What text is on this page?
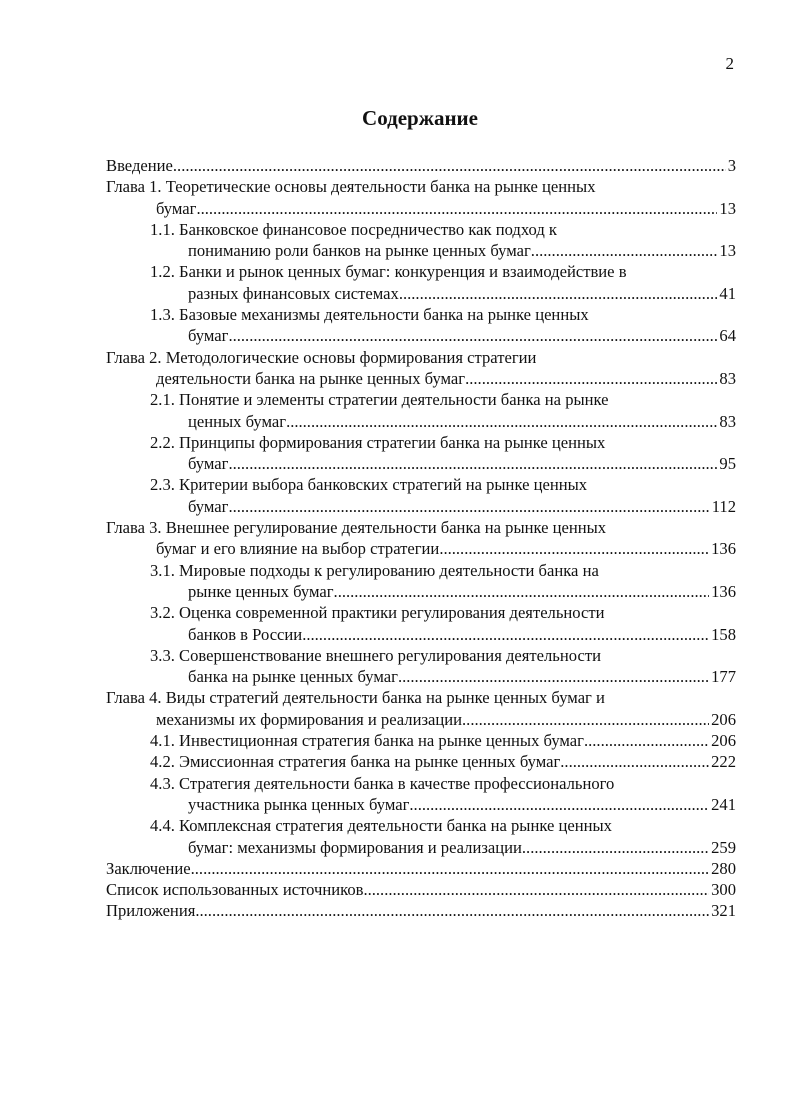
2
Содержание
Введение .....	3
Глава 1. Теоретические основы деятельности банка на рынке ценных
бумаг .....	13
1.1. Банковское финансовое посредничество как подход к
пониманию роли банков на рынке ценных бумаг .....	13
1.2. Банки и рынок ценных бумаг: конкуренция и взаимодействие в
разных финансовых системах .....	41
1.3. Базовые механизмы деятельности банка на рынке ценных
бумаг .....	64
Глава 2. Методологические основы формирования стратегии
деятельности банка на рынке ценных бумаг .....	83
2.1. Понятие и элементы стратегии деятельности банка на рынке
ценных бумаг .....	83
2.2. Принципы формирования стратегии банка на рынке ценных
бумаг .....	95
2.3. Критерии выбора банковских стратегий на рынке ценных
бумаг .....	112
Глава 3. Внешнее регулирование деятельности банка на рынке ценных
бумаг и его влияние на выбор стратегии .....	136
3.1. Мировые подходы к регулированию деятельности банка на
рынке ценных бумаг .....	136
3.2. Оценка современной практики регулирования деятельности
банков в России .....	158
3.3. Совершенствование внешнего регулирования деятельности
банка на рынке ценных бумаг .....	177
Глава 4. Виды стратегий деятельности банка на рынке ценных бумаг и
механизмы их формирования и реализации .....	206
4.1. Инвестиционная стратегия банка на рынке ценных бумаг .....	206
4.2. Эмиссионная стратегия банка на рынке ценных бумаг .....	222
4.3. Стратегия деятельности банка в качестве профессионального
участника рынка ценных бумаг .....	241
4.4. Комплексная стратегия деятельности банка на рынке ценных
бумаг: механизмы формирования и реализации .....	259
Заключение .....	280
Список использованных источников .....	300
Приложения .....	321
